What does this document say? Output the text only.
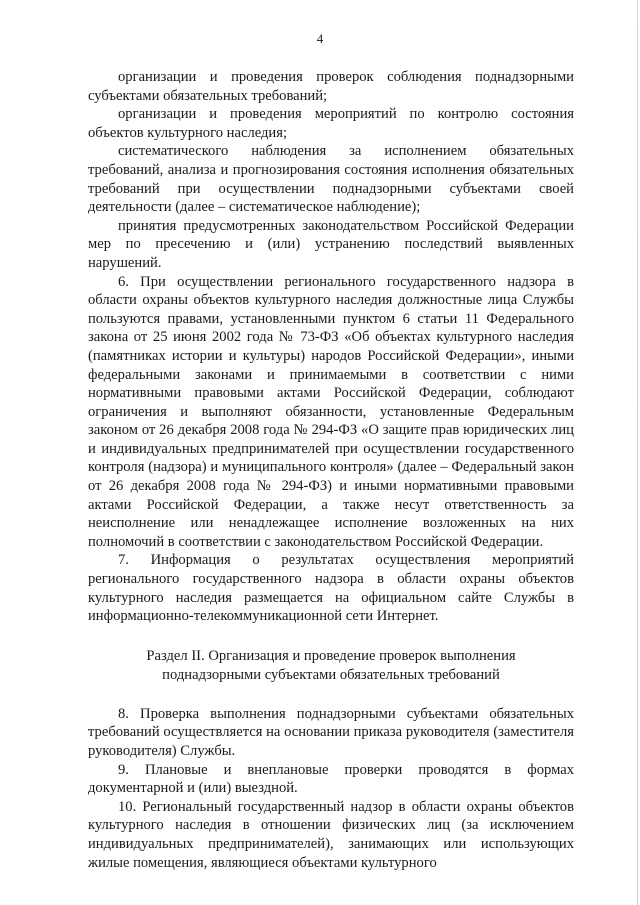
4

организации и проведения проверок соблюдения поднадзорными субъектами обязательных требований;

организации и проведения мероприятий по контролю состояния объектов культурного наследия;

систематического наблюдения за исполнением обязательных требований, анализа и прогнозирования состояния исполнения обязательных требований при осуществлении поднадзорными субъектами своей деятельности (далее – систематическое наблюдение);

принятия предусмотренных законодательством Российской Федерации мер по пресечению и (или) устранению последствий выявленных нарушений.

6. При осуществлении регионального государственного надзора в области охраны объектов культурного наследия должностные лица Службы пользуются правами, установленными пунктом 6 статьи 11 Федерального закона от 25 июня 2002 года № 73-ФЗ «Об объектах культурного наследия (памятниках истории и культуры) народов Российской Федерации», иными федеральными законами и принимаемыми в соответствии с ними нормативными правовыми актами Российской Федерации, соблюдают ограничения и выполняют обязанности, установленные Федеральным законом от 26 декабря 2008 года № 294-ФЗ «О защите прав юридических лиц и индивидуальных предпринимателей при осуществлении государственного контроля (надзора) и муниципального контроля» (далее – Федеральный закон от 26 декабря 2008 года № 294-ФЗ) и иными нормативными правовыми актами Российской Федерации, а также несут ответственность за неисполнение или ненадлежащее исполнение возложенных на них полномочий в соответствии с законодательством Российской Федерации.

7. Информация о результатах осуществления мероприятий регионального государственного надзора в области охраны объектов культурного наследия размещается на официальном сайте Службы в информационно-телекоммуникационной сети Интернет.

Раздел II. Организация и проведение проверок выполнения
поднадзорными субъектами обязательных требований

8. Проверка выполнения поднадзорными субъектами обязательных требований осуществляется на основании приказа руководителя (заместителя руководителя) Службы.

9. Плановые и внеплановые проверки проводятся в формах документарной и (или) выездной.

10. Региональный государственный надзор в области охраны объектов культурного наследия в отношении физических лиц (за исключением индивидуальных предпринимателей), занимающих или использующих жилые помещения, являющиеся объектами культурного
